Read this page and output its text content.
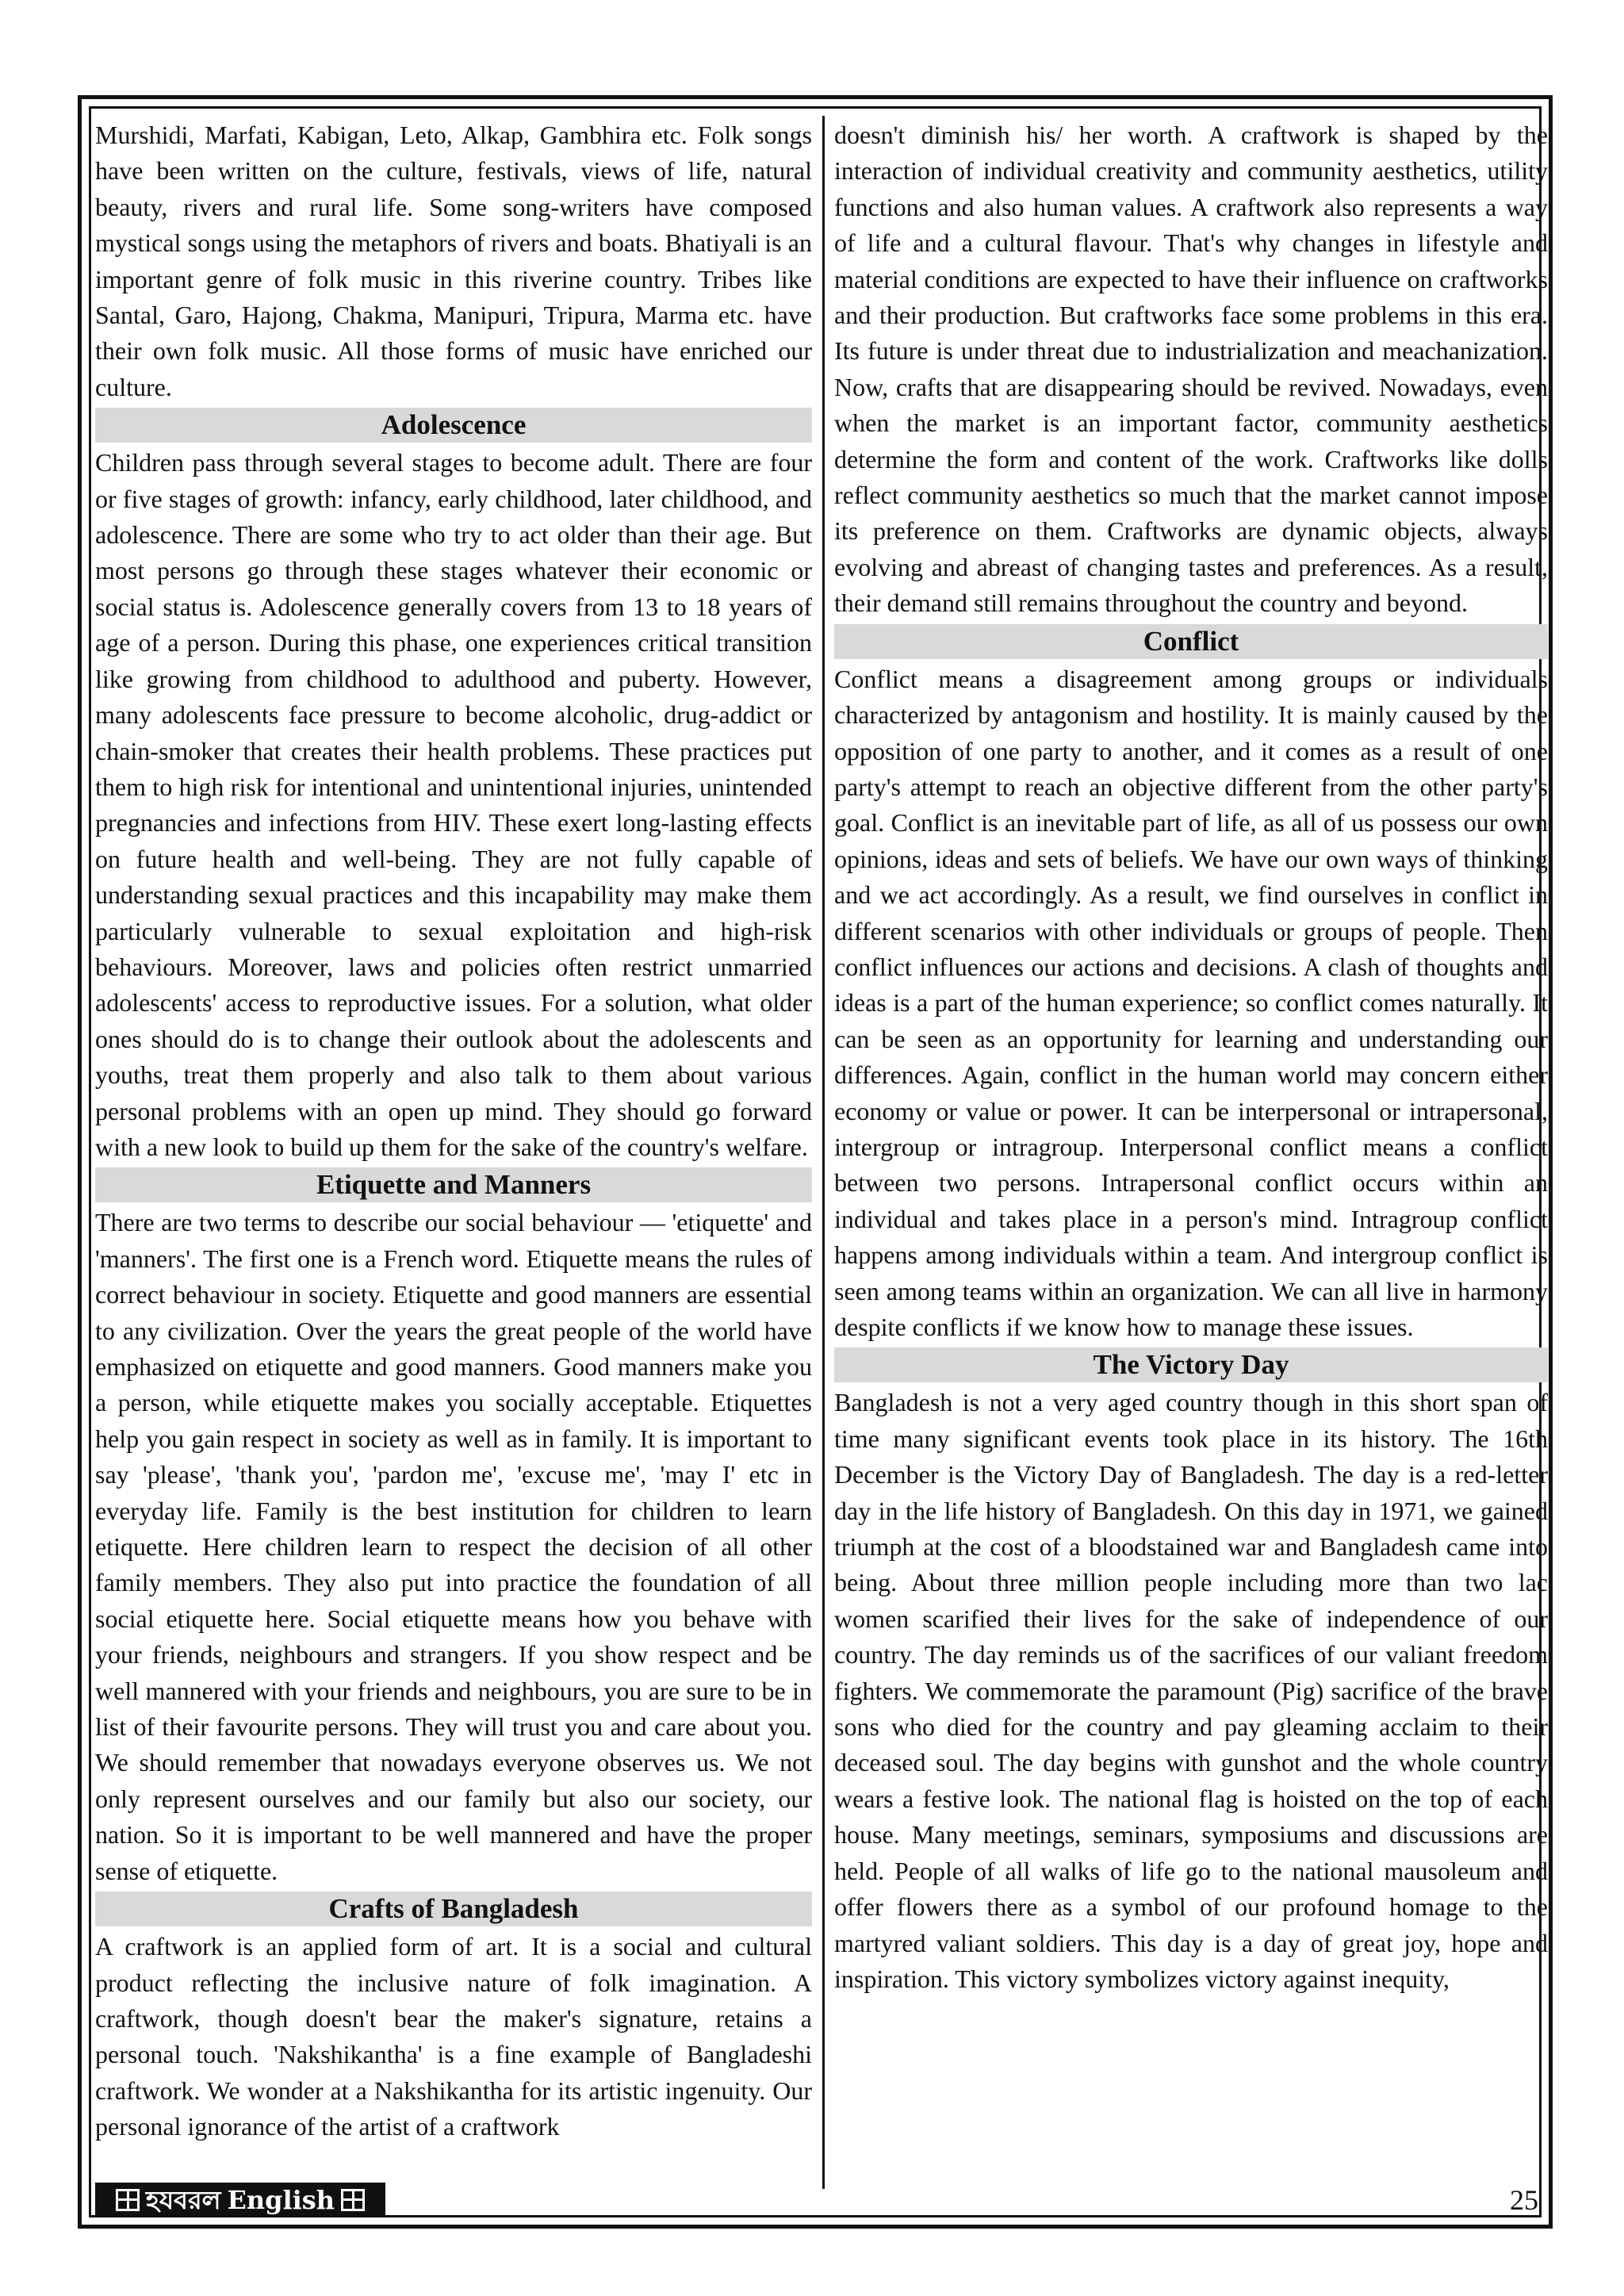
Murshidi, Marfati, Kabigan, Leto, Alkap, Gambhira etc. Folk songs have been written on the culture, festivals, views of life, natural beauty, rivers and rural life. Some song-writers have composed mystical songs using the metaphors of rivers and boats. Bhatiyali is an important genre of folk music in this riverine country. Tribes like Santal, Garo, Hajong, Chakma, Manipuri, Tripura, Marma etc. have their own folk music. All those forms of music have enriched our culture.

Adolescence

Children pass through several stages to become adult. There are four or five stages of growth: infancy, early childhood, later childhood, and adolescence. There are some who try to act older than their age. But most persons go through these stages whatever their economic or social status is. Adolescence generally covers from 13 to 18 years of age of a person. During this phase, one experiences critical transition like growing from childhood to adulthood and puberty. However, many adolescents face pressure to become alcoholic, drug-addict or chain-smoker that creates their health problems. These practices put them to high risk for intentional and unintentional injuries, unintended pregnancies and infections from HIV. These exert long-lasting effects on future health and well-being. They are not fully capable of understanding sexual practices and this incapability may make them particularly vulnerable to sexual exploitation and high-risk behaviours. Moreover, laws and policies often restrict unmarried adolescents' access to reproductive issues. For a solution, what older ones should do is to change their outlook about the adolescents and youths, treat them properly and also talk to them about various personal problems with an open up mind. They should go forward with a new look to build up them for the sake of the country's welfare.

Etiquette and Manners

There are two terms to describe our social behaviour — 'etiquette' and 'manners'. The first one is a French word. Etiquette means the rules of correct behaviour in society. Etiquette and good manners are essential to any civilization. Over the years the great people of the world have emphasized on etiquette and good manners. Good manners make you a person, while etiquette makes you socially acceptable. Etiquettes help you gain respect in society as well as in family. It is important to say 'please', 'thank you', 'pardon me', 'excuse me', 'may I' etc in everyday life. Family is the best institution for children to learn etiquette. Here children learn to respect the decision of all other family members. They also put into practice the foundation of all social etiquette here. Social etiquette means how you behave with your friends, neighbours and strangers. If you show respect and be well mannered with your friends and neighbours, you are sure to be in list of their favourite persons. They will trust you and care about you. We should remember that nowadays everyone observes us. We not only represent ourselves and our family but also our society, our nation. So it is important to be well mannered and have the proper sense of etiquette.

Crafts of Bangladesh

A craftwork is an applied form of art. It is a social and cultural product reflecting the inclusive nature of folk imagination. A craftwork, though doesn't bear the maker's signature, retains a personal touch. 'Nakshikantha' is a fine example of Bangladeshi craftwork. We wonder at a Nakshikantha for its artistic ingenuity. Our personal ignorance of the artist of a craftwork

doesn't diminish his/ her worth. A craftwork is shaped by the interaction of individual creativity and community aesthetics, utility functions and also human values. A craftwork also represents a way of life and a cultural flavour. That's why changes in lifestyle and material conditions are expected to have their influence on craftworks and their production. But craftworks face some problems in this era. Its future is under threat due to industrialization and meachanization. Now, crafts that are disappearing should be revived. Nowadays, even when the market is an important factor, community aesthetics determine the form and content of the work. Craftworks like dolls reflect community aesthetics so much that the market cannot impose its preference on them. Craftworks are dynamic objects, always evolving and abreast of changing tastes and preferences. As a result, their demand still remains throughout the country and beyond.

Conflict

Conflict means a disagreement among groups or individuals characterized by antagonism and hostility. It is mainly caused by the opposition of one party to another, and it comes as a result of one party's attempt to reach an objective different from the other party's goal. Conflict is an inevitable part of life, as all of us possess our own opinions, ideas and sets of beliefs. We have our own ways of thinking and we act accordingly. As a result, we find ourselves in conflict in different scenarios with other individuals or groups of people. Then conflict influences our actions and decisions. A clash of thoughts and ideas is a part of the human experience; so conflict comes naturally. It can be seen as an opportunity for learning and understanding our differences. Again, conflict in the human world may concern either economy or value or power. It can be interpersonal or intrapersonal, intergroup or intragroup. Interpersonal conflict means a conflict between two persons. Intrapersonal conflict occurs within an individual and takes place in a person's mind. Intragroup conflict happens among individuals within a team. And intergroup conflict is seen among teams within an organization. We can all live in harmony despite conflicts if we know how to manage these issues.

The Victory Day

Bangladesh is not a very aged country though in this short span of time many significant events took place in its history. The 16th December is the Victory Day of Bangladesh. The day is a red-letter day in the life history of Bangladesh. On this day in 1971, we gained triumph at the cost of a bloodstained war and Bangladesh came into being. About three million people including more than two lac women scarified their lives for the sake of independence of our country. The day reminds us of the sacrifices of our valiant freedom fighters. We commemorate the paramount (Pig) sacrifice of the brave sons who died for the country and pay gleaming acclaim to their deceased soul. The day begins with gunshot and the whole country wears a festive look. The national flag is hoisted on the top of each house. Many meetings, seminars, symposiums and discussions are held. People of all walks of life go to the national mausoleum and offer flowers there as a symbol of our profound homage to the martyred valiant soldiers. This day is a day of great joy, hope and inspiration. This victory symbolizes victory against inequity,

হযবরল English	25
